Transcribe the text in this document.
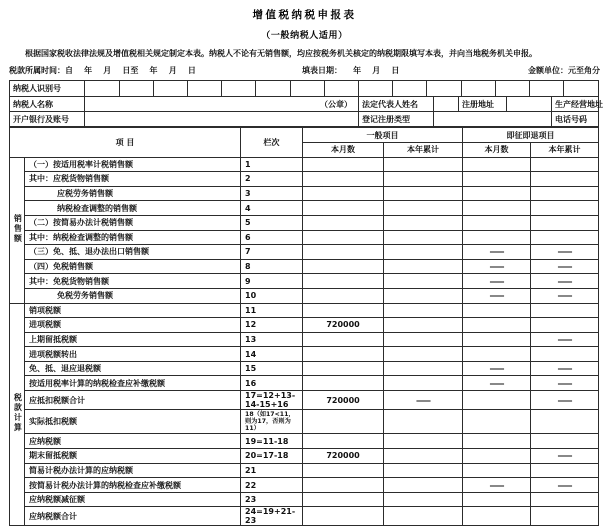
增值税纳税申报表
（一般纳税人适用）
根据国家税收法律法规及增值税相关规定制定本表。纳税人不论有无销售额，均应按税务机关核定的纳税期限填写本表，并向当地税务机关申报。
税款所属时间：自    年    月    日至    年    月    日	填表日期：    年    月    日	金额单位：元至角分
纳税人识别号	

纳税人名称	（公章）	法定代表人姓名		注册地址		生产经营地址
开户银行及账号		登记注册类型		电话号码
项 目		栏次	一般项目		即征即退项目	
			本月数	本年累计	本月数	本年累计
销售额	（一）按适用税率计税销售额	1				
	其中：应税货物销售额	2				
	应税劳务销售额	3				
	纳税检查调整的销售额	4				
	（二）按简易办法计税销售额	5				
	其中：纳税检查调整的销售额	6				
	（三）免、抵、退办法出口销售额	7			——	——
	（四）免税销售额	8			——	——
	其中：免税货物销售额	9			——	——
	免税劳务销售额	10			——	——
税款计算	销项税额	11				
	进项税额	12	720000			
	上期留抵税额	13				——
	进项税额转出	14				
	免、抵、退应退税额	15			——	——
	按适用税率计算的纳税检查应补缴税额	16			——	——
	应抵扣税额合计	17=12+13-14-15+16	720000	——		——
	实际抵扣税额	18（如17<11，则为17，否则为11）				
	应纳税额	19=11-18				
	期末留抵税额	20=17-18	720000			——
	简易计税办法计算的应纳税额	21				
	按简易计税办法计算的纳税检查应补缴税额	22			——	——
	应纳税额减征额	23				
	应纳税额合计	24=19+21-23				
